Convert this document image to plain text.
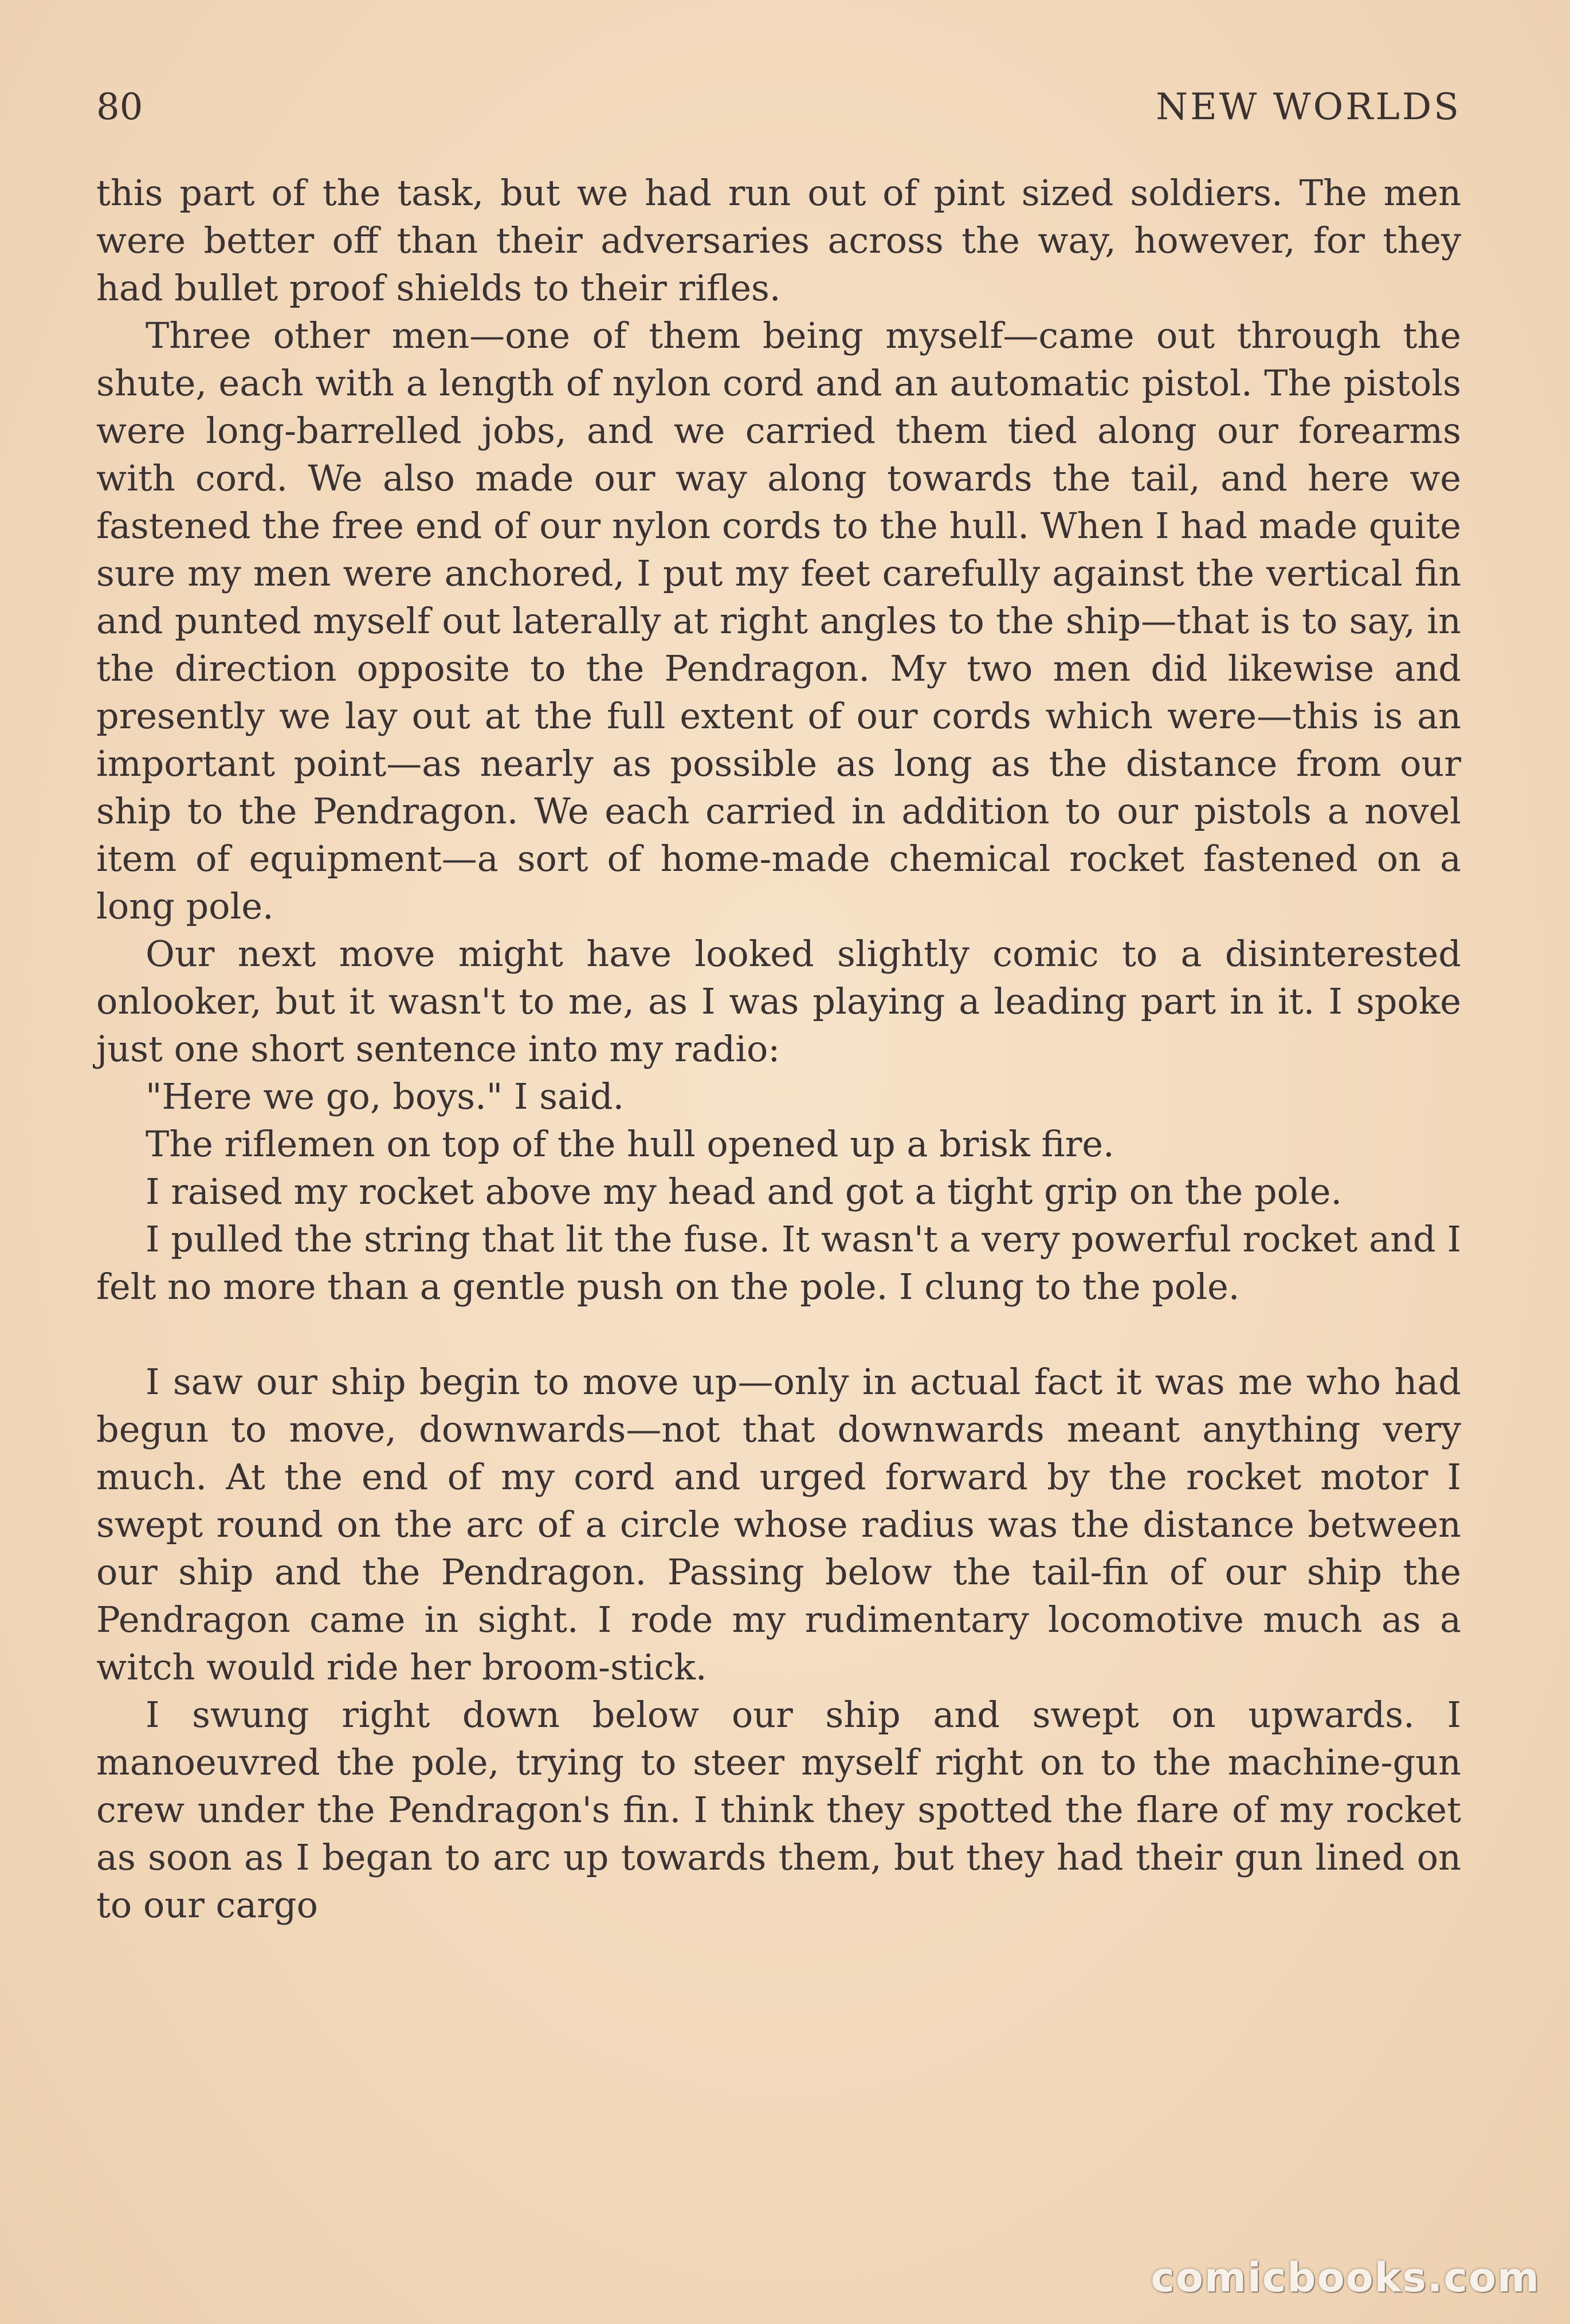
80	NEW WORLDS

this part of the task, but we had run out of pint sized soldiers. The men were better off than their adversaries across the way, however, for they had bullet proof shields to their rifles.

Three other men—one of them being myself—came out through the shute, each with a length of nylon cord and an automatic pistol. The pistols were long-barrelled jobs, and we carried them tied along our forearms with cord. We also made our way along towards the tail, and here we fastened the free end of our nylon cords to the hull. When I had made quite sure my men were anchored, I put my feet carefully against the vertical fin and punted myself out laterally at right angles to the ship—that is to say, in the direction opposite to the Pendragon. My two men did likewise and presently we lay out at the full extent of our cords which were—this is an important point—as nearly as possible as long as the distance from our ship to the Pendragon. We each carried in addition to our pistols a novel item of equipment—a sort of home-made chemical rocket fastened on a long pole.

Our next move might have looked slightly comic to a disinterested onlooker, but it wasn't to me, as I was playing a leading part in it. I spoke just one short sentence into my radio:

"Here we go, boys." I said.

The riflemen on top of the hull opened up a brisk fire.

I raised my rocket above my head and got a tight grip on the pole.

I pulled the string that lit the fuse. It wasn't a very powerful rocket and I felt no more than a gentle push on the pole. I clung to the pole.

I saw our ship begin to move up—only in actual fact it was me who had begun to move, downwards—not that downwards meant anything very much. At the end of my cord and urged forward by the rocket motor I swept round on the arc of a circle whose radius was the distance between our ship and the Pendragon. Passing below the tail-fin of our ship the Pendragon came in sight. I rode my rudimentary locomotive much as a witch would ride her broom-stick.

I swung right down below our ship and swept on upwards. I manoeuvred the pole, trying to steer myself right on to the machine-gun crew under the Pendragon's fin. I think they spotted the flare of my rocket as soon as I began to arc up towards them, but they had their gun lined on to our cargo

comicbooks.com
